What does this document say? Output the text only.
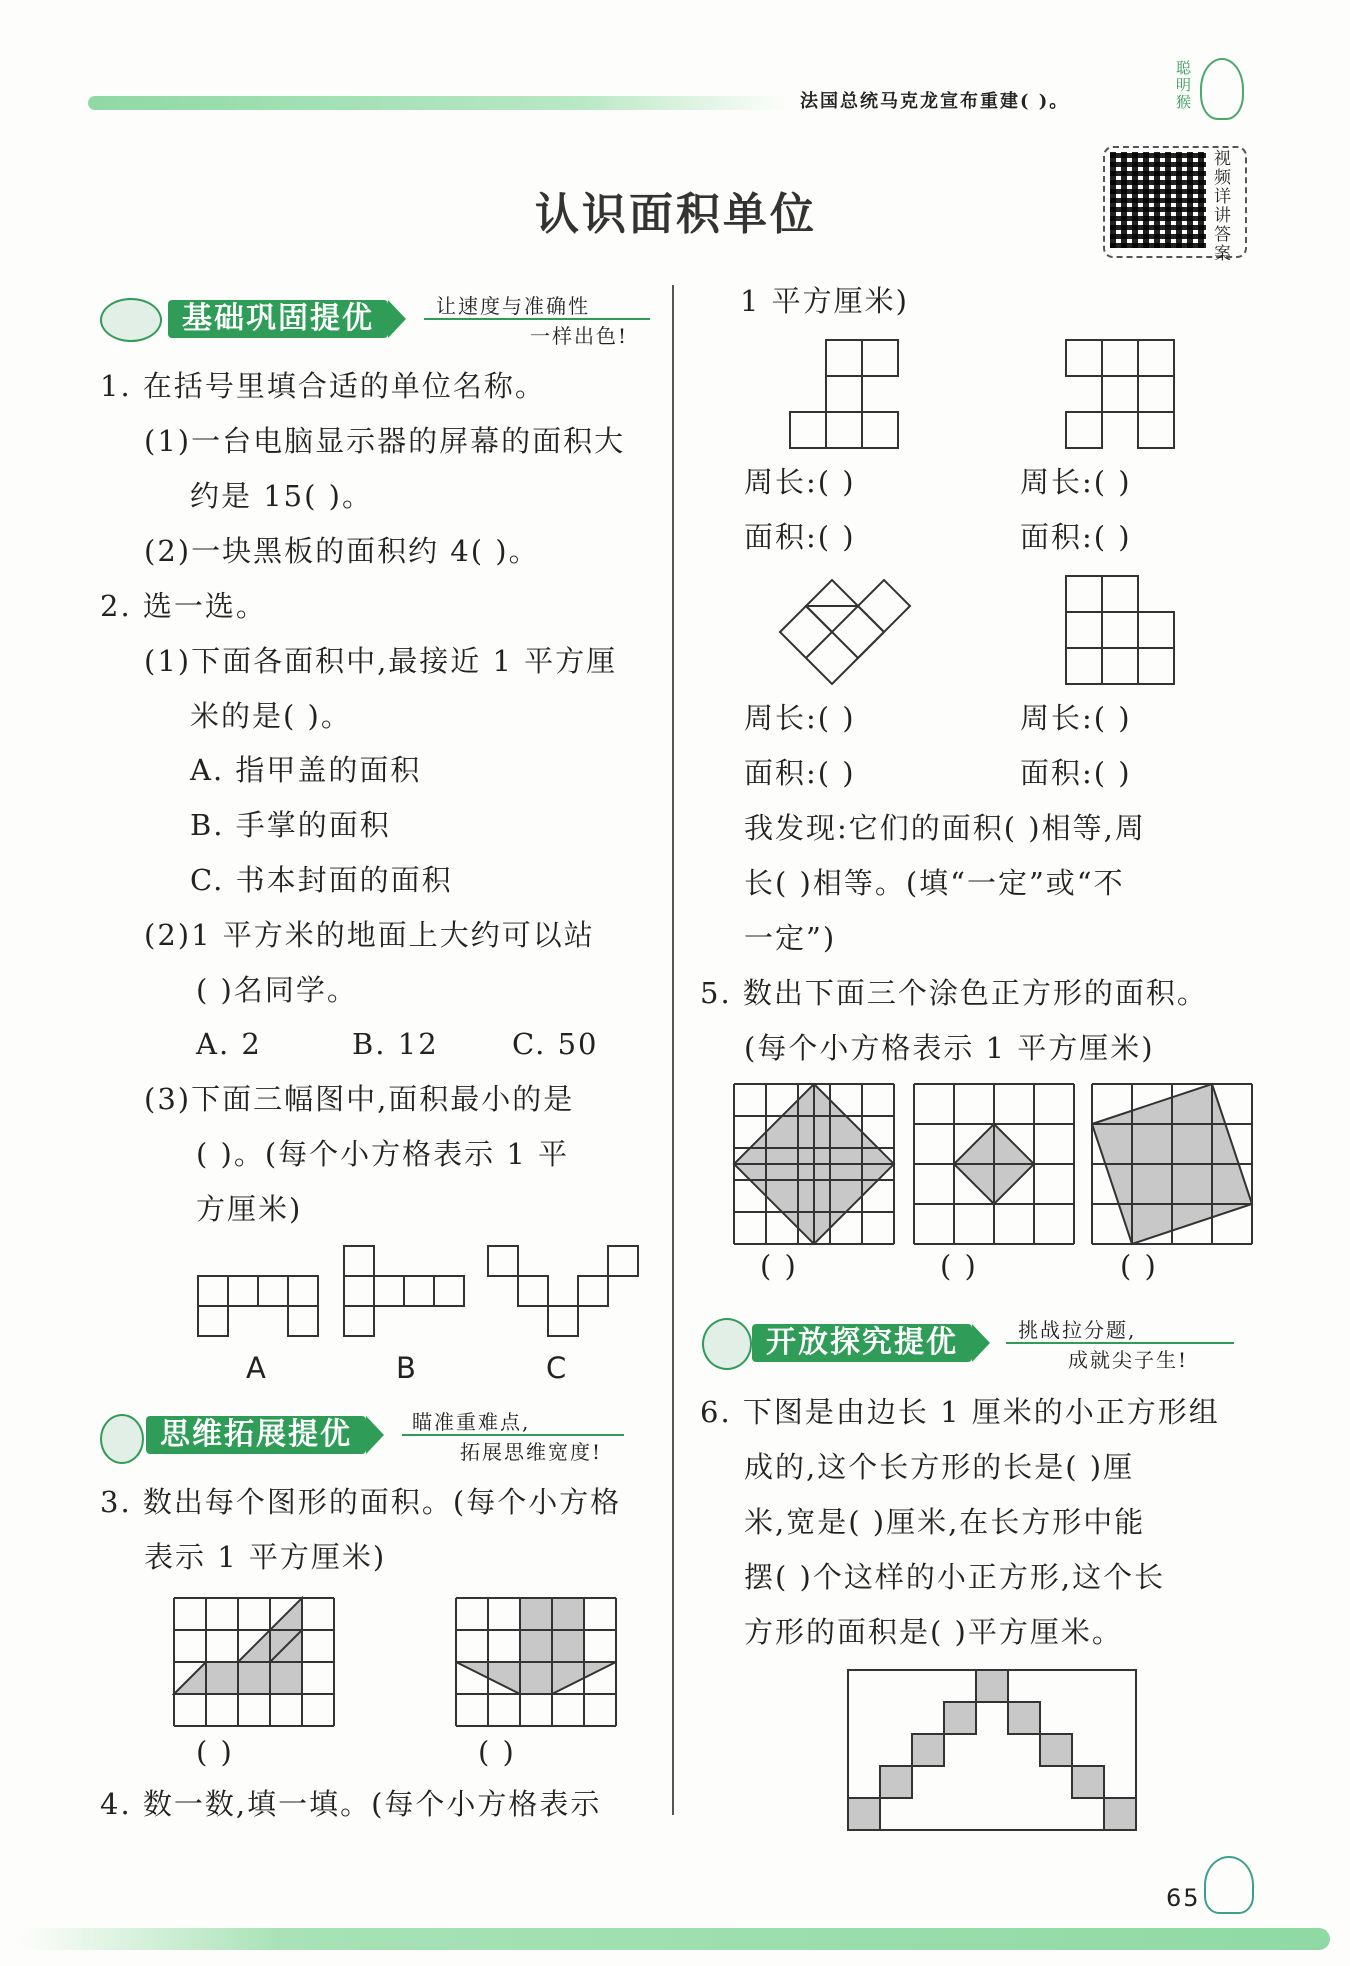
法国总统马克龙宣布重建( )。
聪明猴
视频详讲答案
认识面积单位
基础巩固提优	让速度与准确性
一样出色!
1. 在括号里填合适的单位名称。
(1)一台电脑显示器的屏幕的面积大
约是 15( )。
(2)一块黑板的面积约 4( )。
2. 选一选。
(1)下面各面积中,最接近 1 平方厘
米的是( )。
A. 指甲盖的面积
B. 手掌的面积
C. 书本封面的面积
(2)1 平方米的地面上大约可以站
( )名同学。
A. 2	B. 12	C. 50
(3)下面三幅图中,面积最小的是
( )。(每个小方格表示 1 平
方厘米)
A	B	C
思维拓展提优	瞄准重难点,
拓展思维宽度!
3. 数出每个图形的面积。(每个小方格
表示 1 平方厘米)
( )	( )
4. 数一数,填一填。(每个小方格表示
1 平方厘米)
周长:( )	周长:( )
面积:( )	面积:( )
周长:( )	周长:( )
面积:( )	面积:( )
我发现:它们的面积( )相等,周
长( )相等。(填“一定”或“不
一定”)
5. 数出下面三个涂色正方形的面积。
(每个小方格表示 1 平方厘米)
( )	( )	( )
开放探究提优	挑战拉分题,
成就尖子生!
6. 下图是由边长 1 厘米的小正方形组
成的,这个长方形的长是( )厘
米,宽是( )厘米,在长方形中能
摆( )个这样的小正方形,这个长
方形的面积是( )平方厘米。
65
